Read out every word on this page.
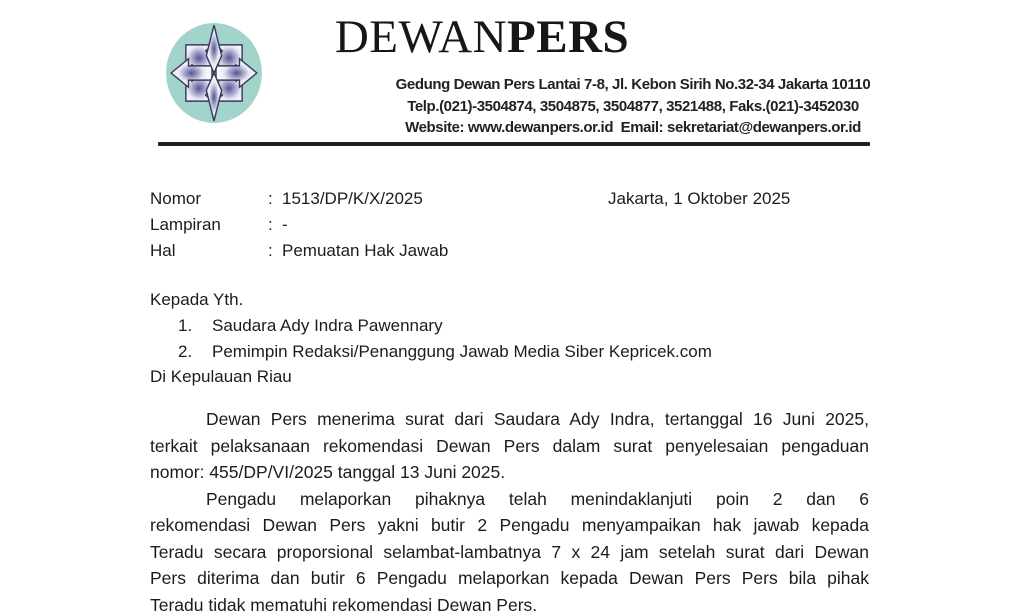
DEWANPERS
Gedung Dewan Pers Lantai 7-8, Jl. Kebon Sirih No.32-34 Jakarta 10110
Telp.(021)-3504874, 3504875, 3504877, 3521488, Faks.(021)-3452030
Website: www.dewanpers.or.id  Email: sekretariat@dewanpers.or.id
Nomor	: 1513/DP/K/X/2025
Lampiran	: -
Hal	: Pemuatan Hak Jawab
Jakarta, 1 Oktober 2025
Kepada Yth.
1. Saudara Ady Indra Pawennary
2. Pemimpin Redaksi/Penanggung Jawab Media Siber Kepricek.com
Di Kepulauan Riau
Dewan Pers menerima surat dari Saudara Ady Indra, tertanggal 16 Juni 2025,
terkait pelaksanaan rekomendasi Dewan Pers dalam surat penyelesaian pengaduan
nomor: 455/DP/VI/2025 tanggal 13 Juni 2025.
Pengadu melaporkan pihaknya telah menindaklanjuti poin 2 dan 6
rekomendasi Dewan Pers yakni butir 2 Pengadu menyampaikan hak jawab kepada
Teradu secara proporsional selambat-lambatnya 7 x 24 jam setelah surat dari Dewan
Pers diterima dan butir 6 Pengadu melaporkan kepada Dewan Pers Pers bila pihak
Teradu tidak mematuhi rekomendasi Dewan Pers.
